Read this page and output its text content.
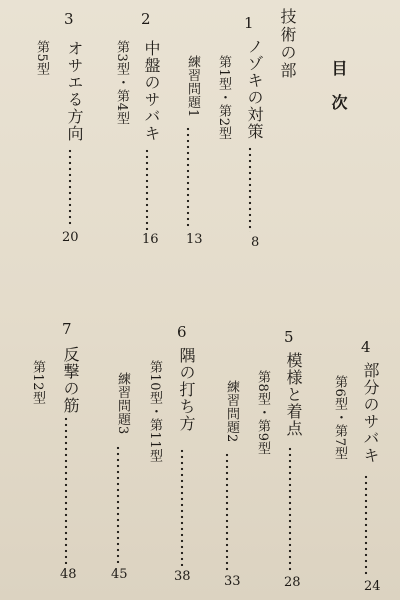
目　次
技術の部
1
ノゾキの対策
8
第1型・第2型
練習問題1
13
2
中盤のサバキ
16
第3型・第4型
3
オサエる方向
20
第5型
4
部分のサバキ
24
第6型・第7型
5
模様と着点
28
第8型・第9型
練習問題2
33
6
隅の打ち方
38
第10型・第11型
練習問題3
45
7
反撃の筋
48
第12型
